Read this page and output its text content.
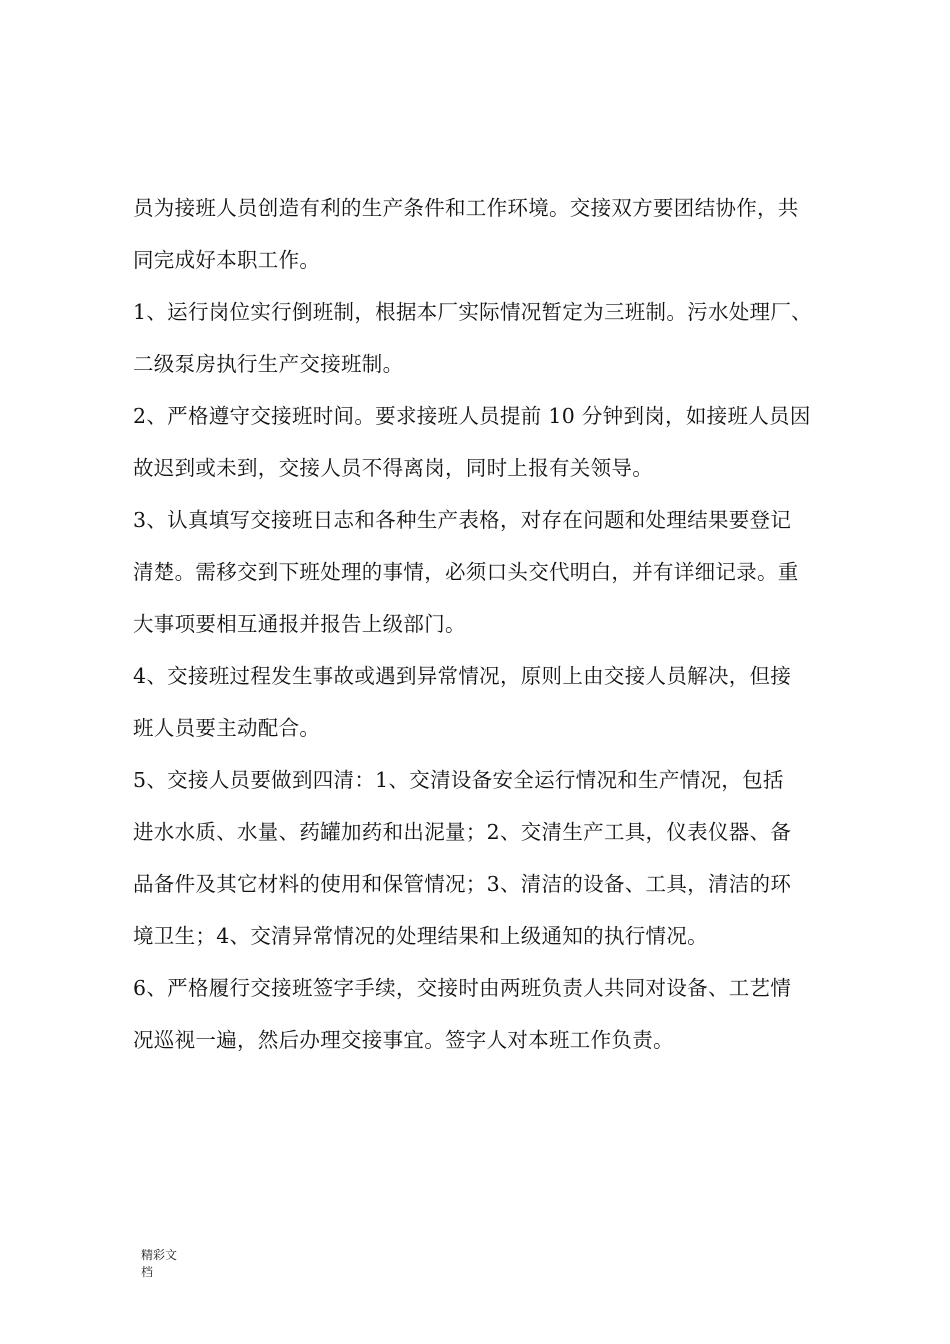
员为接班人员创造有利的生产条件和工作环境。交接双方要团结协作，共
同完成好本职工作。
1、运行岗位实行倒班制，根据本厂实际情况暂定为三班制。污水处理厂、
二级泵房执行生产交接班制。
2、严格遵守交接班时间。要求接班人员提前 10 分钟到岗，如接班人员因
故迟到或未到，交接人员不得离岗，同时上报有关领导。
3、认真填写交接班日志和各种生产表格，对存在问题和处理结果要登记
清楚。需移交到下班处理的事情，必须口头交代明白，并有详细记录。重
大事项要相互通报并报告上级部门。
4、交接班过程发生事故或遇到异常情况，原则上由交接人员解决，但接
班人员要主动配合。
5、交接人员要做到四清：1、交清设备安全运行情况和生产情况，包括
进水水质、水量、药罐加药和出泥量；2、交清生产工具，仪表仪器、备
品备件及其它材料的使用和保管情况；3、清洁的设备、工具，清洁的环
境卫生；4、交清异常情况的处理结果和上级通知的执行情况。
6、严格履行交接班签字手续，交接时由两班负责人共同对设备、工艺情
况巡视一遍，然后办理交接事宜。签字人对本班工作负责。
精彩文
档
